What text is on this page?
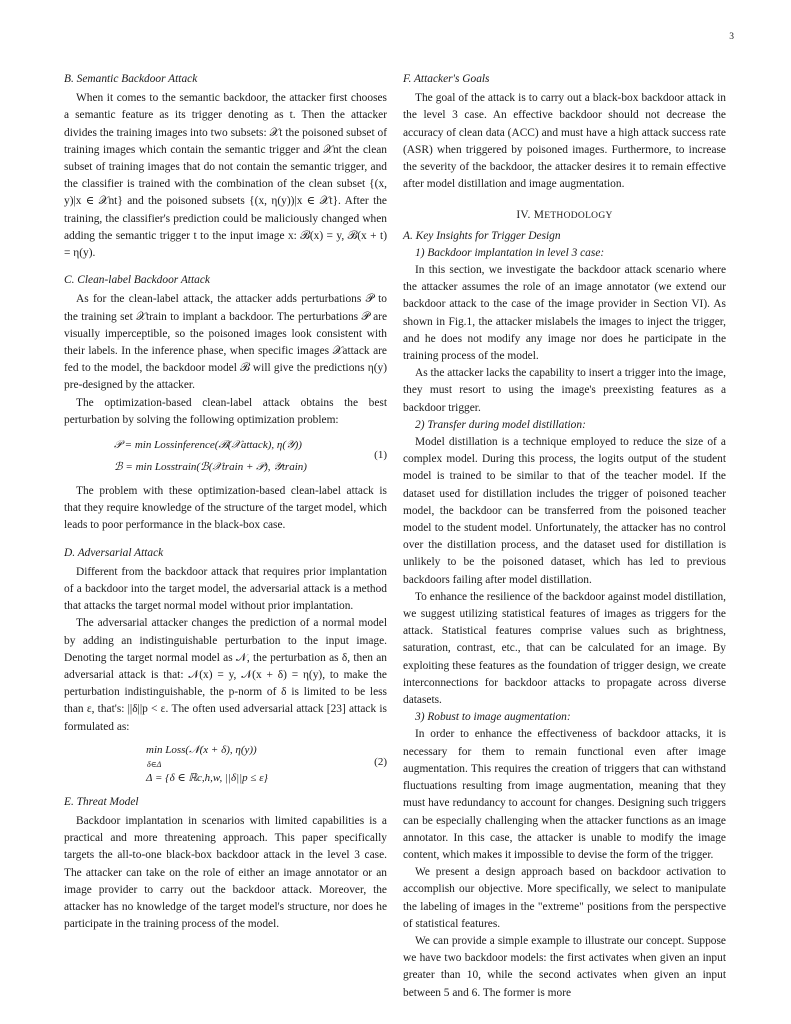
3

B. Semantic Backdoor Attack

When it comes to the semantic backdoor, the attacker first chooses a semantic feature as its trigger denoting as t. Then the attacker divides the training images into two subsets: 𝒳t the poisoned subset of training images which contain the semantic trigger and 𝒳nt the clean subset of training images that do not contain the semantic trigger, and the classifier is trained with the combination of the clean subset {(x, y)|x ∈ 𝒳nt} and the poisoned subsets {(x, η(y))|x ∈ 𝒳t}. After the training, the classifier's prediction could be maliciously changed when adding the semantic trigger t to the input image x: ℬ(x) = y, ℬ(x + t) = η(y).

C. Clean-label Backdoor Attack

As for the clean-label attack, the attacker adds perturbations 𝒫 to the training set 𝒳train to implant a backdoor. The perturbations 𝒫 are visually imperceptible, so the poisoned images look consistent with their labels. In the inference phase, when specific images 𝒳attack are fed to the model, the backdoor model ℬ will give the predictions η(y) pre-designed by the attacker.

The optimization-based clean-label attack obtains the best perturbation by solving the following optimization problem:

𝒫 = min Lossinference(ℬ(𝒳attack), η(𝒴))
ℬ = min Losstrain(ℬ(𝒳train + 𝒫), 𝒴train)
(1)

The problem with these optimization-based clean-label attack is that they require knowledge of the structure of the target model, which leads to poor performance in the black-box case.

D. Adversarial Attack

Different from the backdoor attack that requires prior implantation of a backdoor into the target model, the adversarial attack is a method that attacks the target normal model without prior implantation.

The adversarial attacker changes the prediction of a normal model by adding an indistinguishable perturbation to the input image. Denoting the target normal model as 𝒩, the perturbation as δ, then an adversarial attack is that: 𝒩(x) = y, 𝒩(x + δ) = η(y), to make the perturbation indistinguishable, the p-norm of δ is limited to be less than ε, that's: ||δ||p < ε. The often used adversarial attack [23] attack is formulated as:

min Loss(𝒩(x + δ), η(y))
δ∈Δ
Δ = {δ ∈ ℝc,h,w, ||δ||p ≤ ε}
(2)

E. Threat Model

Backdoor implantation in scenarios with limited capabilities is a practical and more threatening approach. This paper specifically targets the all-to-one black-box backdoor attack in the level 3 case. The attacker can take on the role of either an image annotator or an image provider to carry out the backdoor attack. Moreover, the attacker has no knowledge of the target model's structure, nor does he participate in the training process of the model.

F. Attacker's Goals

The goal of the attack is to carry out a black-box backdoor attack in the level 3 case. An effective backdoor should not decrease the accuracy of clean data (ACC) and must have a high attack success rate (ASR) when triggered by poisoned images. Furthermore, to increase the severity of the backdoor, the attacker desires it to remain effective after model distillation and image augmentation.

IV. METHODOLOGY

A. Key Insights for Trigger Design

1) Backdoor implantation in level 3 case:

In this section, we investigate the backdoor attack scenario where the attacker assumes the role of an image annotator (we extend our backdoor attack to the case of the image provider in Section VI). As shown in Fig.1, the attacker mislabels the images to inject the trigger, and he does not modify any image nor does he participate in the training process of the model.

As the attacker lacks the capability to insert a trigger into the image, they must resort to using the image's preexisting features as a backdoor trigger.

2) Transfer during model distillation:

Model distillation is a technique employed to reduce the size of a complex model. During this process, the logits output of the student model is trained to be similar to that of the teacher model. If the dataset used for distillation includes the trigger of poisoned teacher model, the backdoor can be transferred from the poisoned teacher model to the student model. Unfortunately, the attacker has no control over the distillation process, and the dataset used for distillation is unlikely to be the poisoned dataset, which has led to previous backdoors failing after model distillation.

To enhance the resilience of the backdoor against model distillation, we suggest utilizing statistical features of images as triggers for the attack. Statistical features comprise values such as brightness, saturation, contrast, etc., that can be calculated for an image. By exploiting these features as the foundation of trigger design, we create interconnections for backdoor attacks to propagate across diverse datasets.

3) Robust to image augmentation:

In order to enhance the effectiveness of backdoor attacks, it is necessary for them to remain functional even after image augmentation. This requires the creation of triggers that can withstand fluctuations resulting from image augmentation, meaning that they must have redundancy to account for changes. Designing such triggers can be especially challenging when the attacker functions as an image annotator. In this case, the attacker is unable to modify the image content, which makes it impossible to devise the form of the trigger.

We present a design approach based on backdoor activation to accomplish our objective. More specifically, we select to manipulate the labeling of images in the "extreme" positions from the perspective of statistical features.

We can provide a simple example to illustrate our concept. Suppose we have two backdoor models: the first activates when given an input greater than 10, while the second activates when given an input between 5 and 6. The former is more
